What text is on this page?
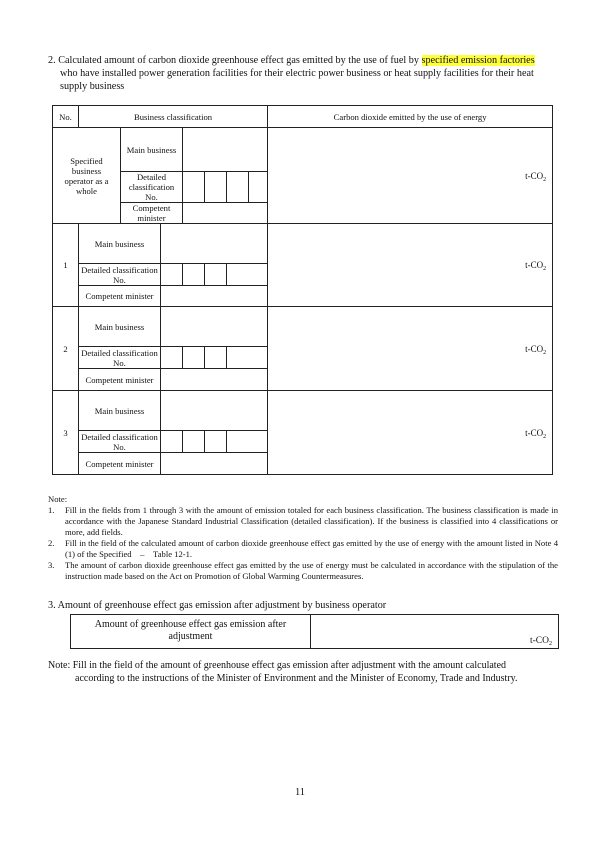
2. Calculated amount of carbon dioxide greenhouse effect gas emitted by the use of fuel by specified emission factories
who have installed power generation facilities for their electric power business or heat supply facilities for their heat supply business
No.	Business classification							Carbon dioxide emitted by the use of energy
Specified business operator as a whole		Main business						$t-CO_2$
		Detailed classification No.						
		Competent minister						
1	Main business							$t-CO_2$
	Detailed classification No.							
	Competent minister							
2	Main business							$t-CO_2$
	Detailed classification No.							
	Competent minister							
3	Main business							$t-CO_2$
	Detailed classification No.							
	Competent minister							
Note:
1. Fill in the fields from 1 through 3 with the amount of emission totaled for each business classification. The business classification is made in accordance with the Japanese Standard Industrial Classification (detailed classification). If the business is classified into 4 classifications or more, add fields.
2. Fill in the field of the calculated amount of carbon dioxide greenhouse effect gas emitted by the use of energy with the amount listed in Note 4 (1) of the Specified　–　Table 12-1.
3. The amount of carbon dioxide greenhouse effect gas emitted by the use of energy must be calculated in accordance with the stipulation of the instruction made based on the Act on Promotion of Global Warming Countermeasures.
3. Amount of greenhouse effect gas emission after adjustment by business operator
Amount of greenhouse effect gas emission after adjustment	$t-CO_2$
Note: Fill in the field of the amount of greenhouse effect gas emission after adjustment with the amount calculated
according to the instructions of the Minister of Environment and the Minister of Economy, Trade and Industry.
11
